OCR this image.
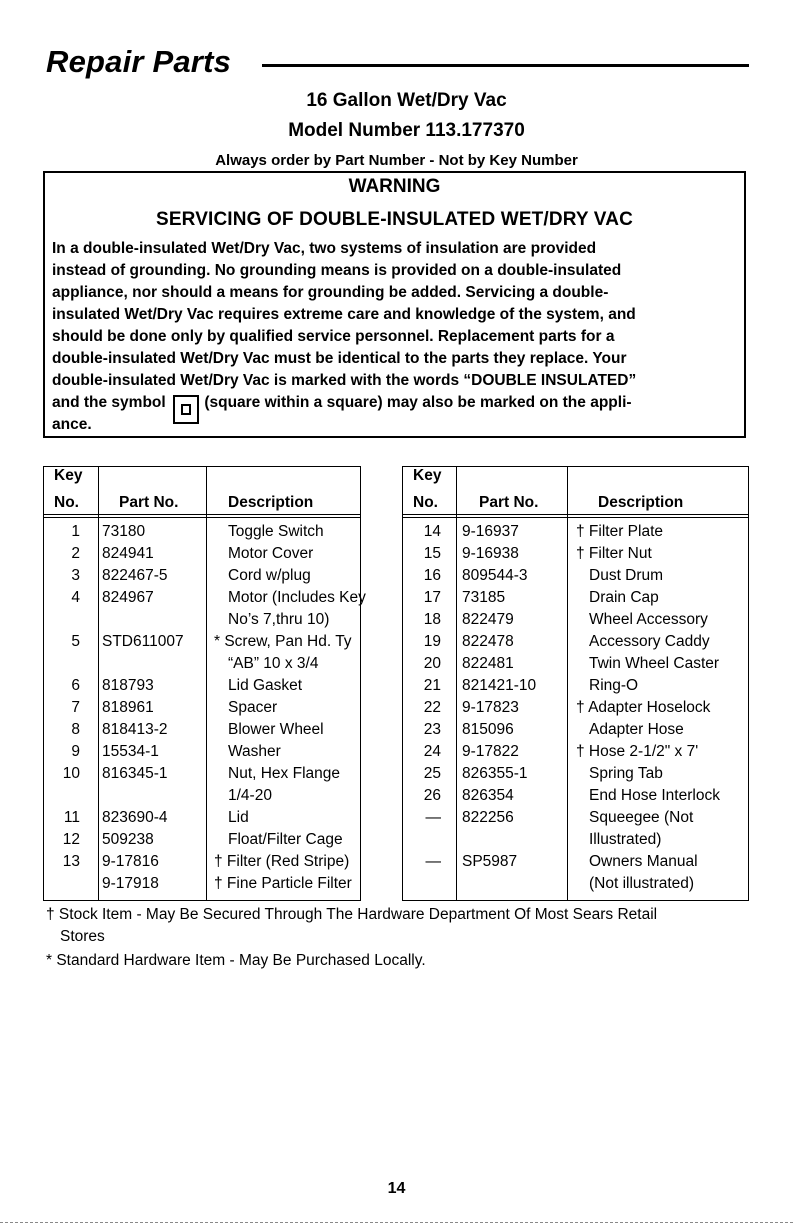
Repair Parts
16 Gallon Wet/Dry Vac
Model Number 113.177370
Always order by Part Number - Not by Key Number
WARNING
SERVICING OF DOUBLE-INSULATED WET/DRY VAC
In a double-insulated Wet/Dry Vac, two systems of insulation are provided
instead of grounding. No grounding means is provided on a double-insulated
appliance, nor should a means for grounding be added. Servicing a double-
insulated Wet/Dry Vac requires extreme care and knowledge of the system, and
should be done only by qualified service personnel. Replacement parts for a
double-insulated Wet/Dry Vac must be identical to the parts they replace. Your
double-insulated Wet/Dry Vac is marked with the words “DOUBLE INSULATED”
and the symbol (square within a square) may also be marked on the appli-
ance.
Key
No.	Part No.	Description
1 73180	Toggle Switch
2 824941	Motor Cover
3 822467-5	Cord w/plug
4 824967	Motor (Includes Key
No’s 7,thru 10)
5 STD611007 * Screw, Pan Hd. Ty
“AB” 10 x 3/4
6 818793	Lid Gasket
7 818961	Spacer
8 818413-2	Blower Wheel
9 15534-1	Washer
10 816345-1	Nut, Hex Flange
1/4-20
11 823690-4	Lid
12 509238	Float/Filter Cage
13 9-17816	† Filter (Red Stripe)
9-17918	† Fine Particle Filter
Key
No.	Part No.	Description
14 9-16937	† Filter Plate
15 9-16938	† Filter Nut
16 809544-3	Dust Drum
17 73185	Drain Cap
18 822479	Wheel Accessory
19 822478	Accessory Caddy
20 822481	Twin Wheel Caster
21 821421-10	Ring-O
22 9-17823	† Adapter Hoselock
23 815096	Adapter Hose
24 9-17822	† Hose 2-1/2" x 7'
25 826355-1	Spring Tab
26 826354	End Hose Interlock
— 822256	Squeegee (Not
Illustrated)
— SP5987	Owners Manual
(Not illustrated)
† Stock Item - May Be Secured Through The Hardware Department Of Most Sears Retail
Stores
* Standard Hardware Item - May Be Purchased Locally.
14
